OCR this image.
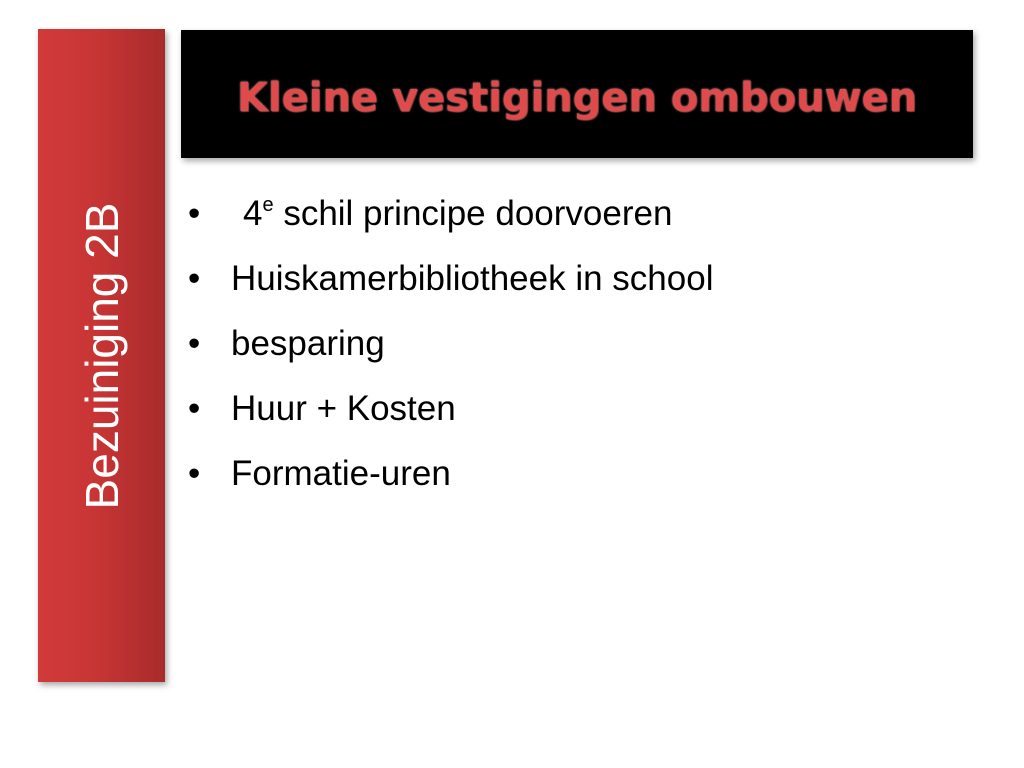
Bezuiniging 2B
Kleine vestigingen ombouwen
• 4e schil principe doorvoeren
• Huiskamerbibliotheek in school
• besparing
• Huur + Kosten
• Formatie-uren
